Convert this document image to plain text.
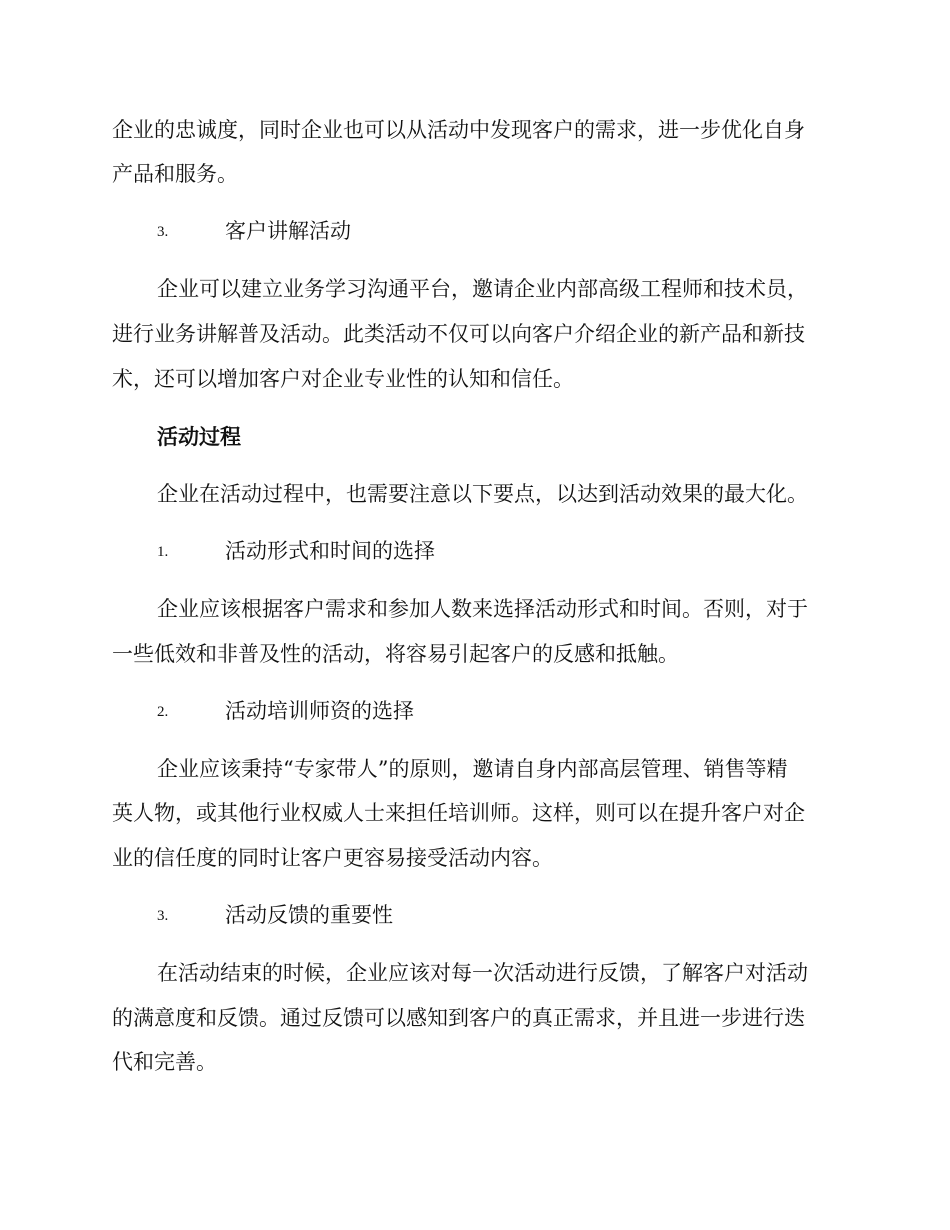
企业的忠诚度，同时企业也可以从活动中发现客户的需求，进一步优化自身
产品和服务。
3.	客户讲解活动
企业可以建立业务学习沟通平台，邀请企业内部高级工程师和技术员，
进行业务讲解普及活动。此类活动不仅可以向客户介绍企业的新产品和新技
术，还可以增加客户对企业专业性的认知和信任。
活动过程
企业在活动过程中，也需要注意以下要点，以达到活动效果的最大化。
1.	活动形式和时间的选择
企业应该根据客户需求和参加人数来选择活动形式和时间。否则，对于
一些低效和非普及性的活动，将容易引起客户的反感和抵触。
2.	活动培训师资的选择
企业应该秉持“专家带人”的原则，邀请自身内部高层管理、销售等精
英人物，或其他行业权威人士来担任培训师。这样，则可以在提升客户对企
业的信任度的同时让客户更容易接受活动内容。
3.	活动反馈的重要性
在活动结束的时候，企业应该对每一次活动进行反馈，了解客户对活动
的满意度和反馈。通过反馈可以感知到客户的真正需求，并且进一步进行迭
代和完善。
